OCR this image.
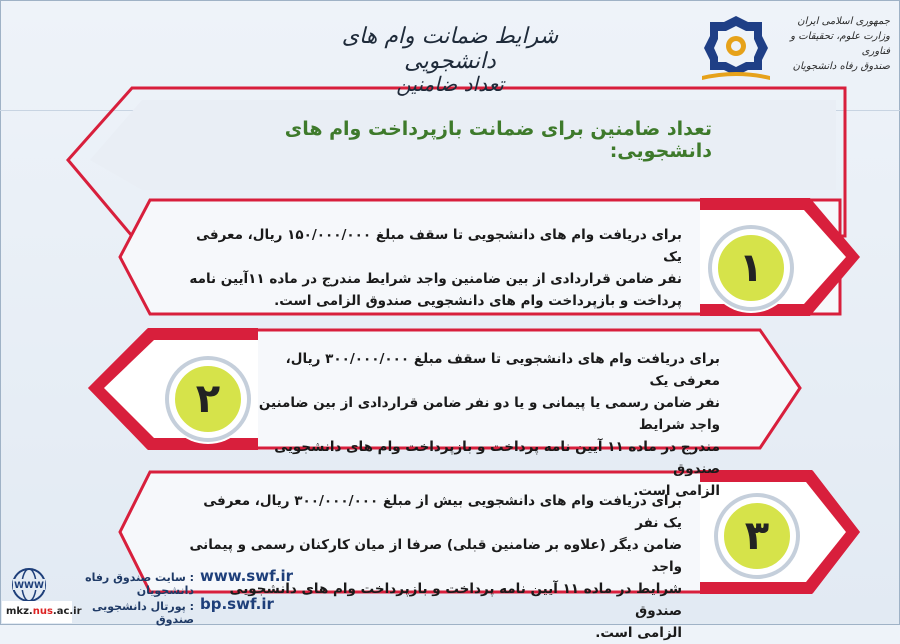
شرایط ضمانت وام های دانشجویی
تعداد ضامنین
جمهوری اسلامی ایران
وزارت علوم، تحقیقات و فناوری
صندوق رفاه دانشجویان
تعداد ضامنین برای ضمانت بازپرداخت وام های دانشجویی:
۱
برای دریافت وام های دانشجویی تا سقف مبلغ ۱۵۰/۰۰۰/۰۰۰ ریال، معرفی یک
نفر ضامن قراردادی از بین ضامنین واجد شرایط مندرج در ماده ۱۱آیین نامه
پرداخت و بازپرداخت وام های دانشجویی صندوق الزامی است.
۲
برای دریافت وام های دانشجویی تا سقف مبلغ ۳۰۰/۰۰۰/۰۰۰ ریال، معرفی یک
نفر ضامن رسمی یا پیمانی و یا دو نفر ضامن قراردادی از بین ضامنین واجد شرایط
مندرج در ماده ۱۱ آیین نامه پرداخت و بازپرداخت وام های دانشجویی صندوق
الزامی است.
۳
برای دریافت وام های دانشجویی بیش از مبلغ ۳۰۰/۰۰۰/۰۰۰ ریال، معرفی یک نفر
ضامن دیگر (علاوه بر ضامنین قبلی) صرفا از میان کارکنان رسمی و پیمانی واجد
شرایط در ماده ۱۱ آیین نامه پرداخت و بازپرداخت وام های دانشجویی صندوق
الزامی است.
WWW
: سایت صندوق رفاه دانشجویان
www.swf.ir
: پورتال دانشجویی صندوق
bp.swf.ir
mkz.nus.ac.ir
